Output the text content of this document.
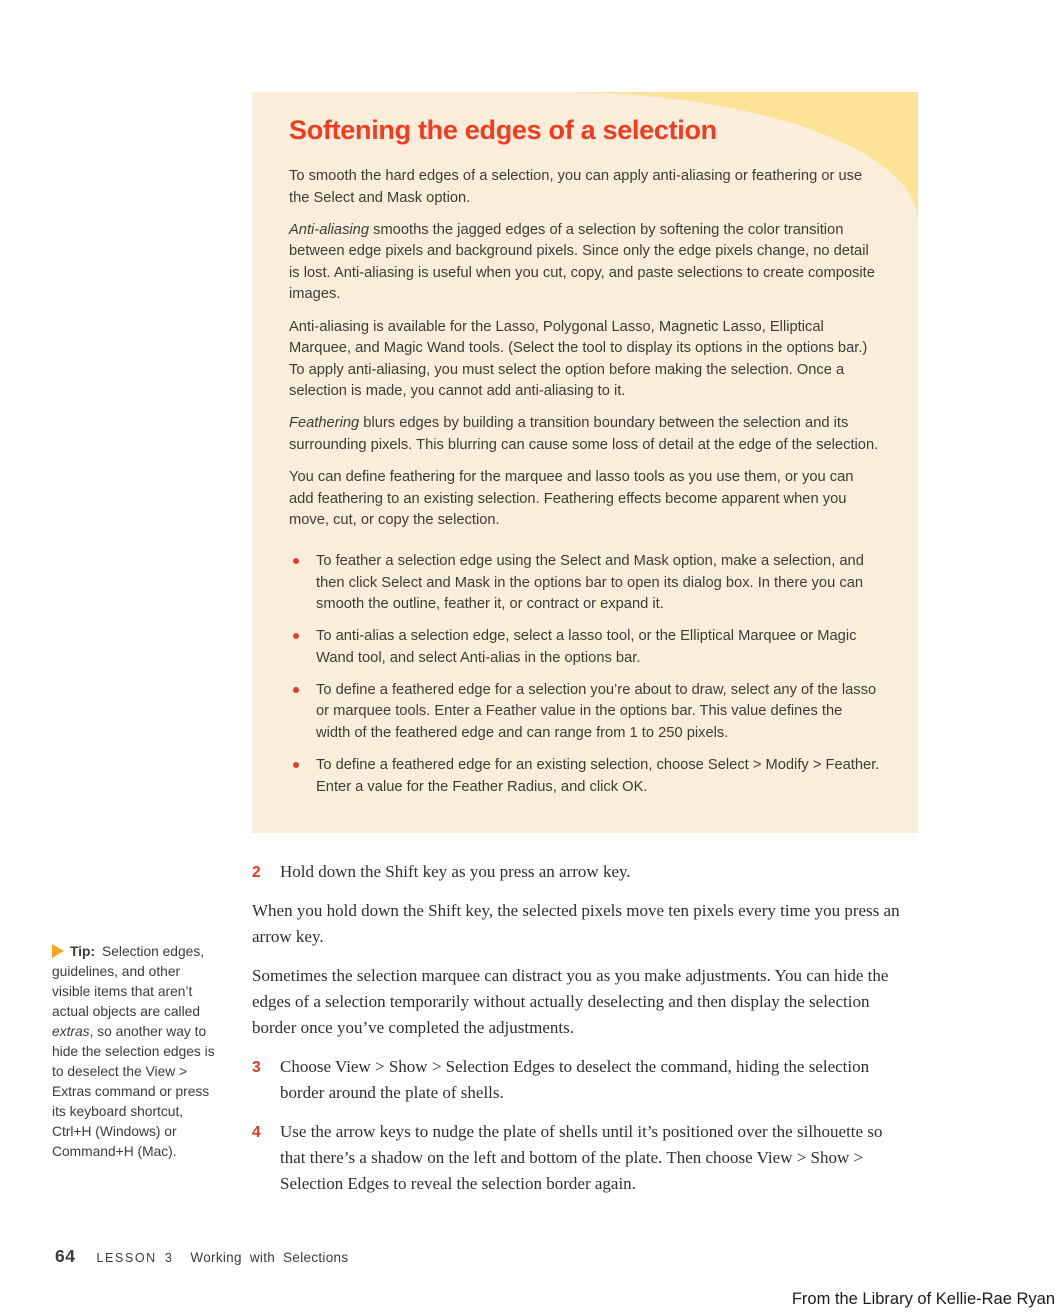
Softening the edges of a selection

To smooth the hard edges of a selection, you can apply anti-aliasing or feathering or use the Select and Mask option.

Anti-aliasing smooths the jagged edges of a selection by softening the color transition between edge pixels and background pixels. Since only the edge pixels change, no detail is lost. Anti-aliasing is useful when you cut, copy, and paste selections to create composite images.

Anti-aliasing is available for the Lasso, Polygonal Lasso, Magnetic Lasso, Elliptical Marquee, and Magic Wand tools. (Select the tool to display its options in the options bar.) To apply anti-aliasing, you must select the option before making the selection. Once a selection is made, you cannot add anti-aliasing to it.

Feathering blurs edges by building a transition boundary between the selection and its surrounding pixels. This blurring can cause some loss of detail at the edge of the selection.

You can define feathering for the marquee and lasso tools as you use them, or you can add feathering to an existing selection. Feathering effects become apparent when you move, cut, or copy the selection.

To feather a selection edge using the Select and Mask option, make a selection, and then click Select and Mask in the options bar to open its dialog box. In there you can smooth the outline, feather it, or contract or expand it.
To anti-alias a selection edge, select a lasso tool, or the Elliptical Marquee or Magic Wand tool, and select Anti-alias in the options bar.
To define a feathered edge for a selection you’re about to draw, select any of the lasso or marquee tools. Enter a Feather value in the options bar. This value defines the width of the feathered edge and can range from 1 to 250 pixels.
To define a feathered edge for an existing selection, choose Select > Modify > Feather. Enter a value for the Feather Radius, and click OK.
2	Hold down the Shift key as you press an arrow key.

When you hold down the Shift key, the selected pixels move ten pixels every time you press an arrow key.

Sometimes the selection marquee can distract you as you make adjustments. You can hide the edges of a selection temporarily without actually deselecting and then display the selection border once you’ve completed the adjustments.

3	Choose View > Show > Selection Edges to deselect the command, hiding the selection border around the plate of shells.
4	Use the arrow keys to nudge the plate of shells until it’s positioned over the silhouette so that there’s a shadow on the left and bottom of the plate. Then choose View > Show > Selection Edges to reveal the selection border again.
Tip: Selection edges, guidelines, and other visible items that aren’t actual objects are called extras, so another way to hide the selection edges is to deselect the View > Extras command or press its keyboard shortcut, Ctrl+H (Windows) or Command+H (Mac).
64 LESSON 3 Working with Selections
From the Library of Kellie-Rae Ryan
